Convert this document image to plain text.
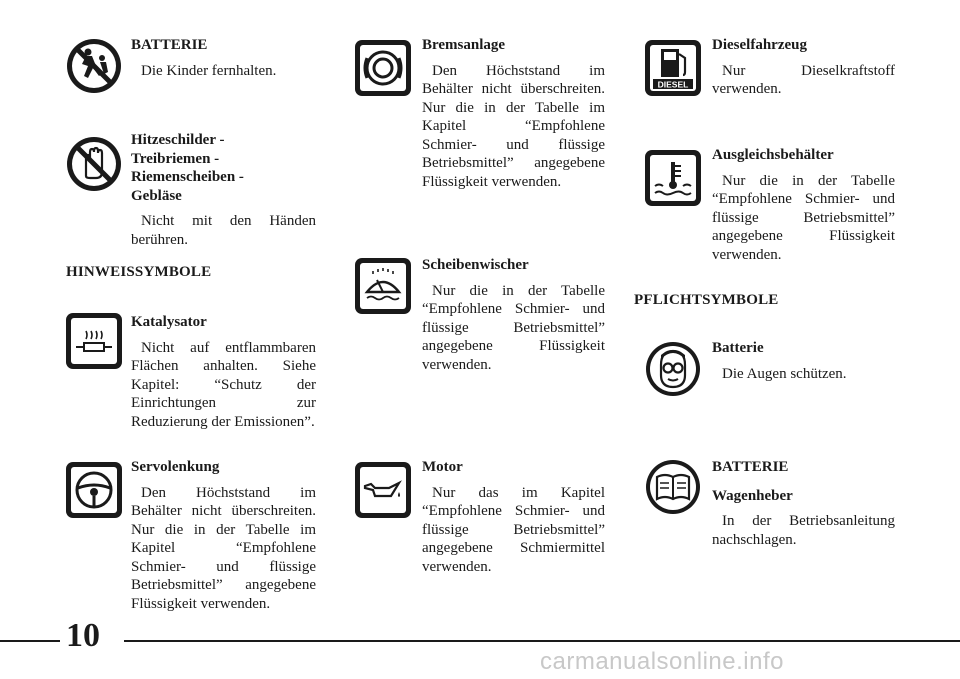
BATTERIE
Die Kinder fernhalten.
Hitzeschilder - Treibriemen - Riemenscheiben - Gebläse
Nicht mit den Händen berühren.
HINWEISSYMBOLE
Katalysator
Nicht auf entflammbaren Flächen anhalten. Siehe Kapitel: “Schutz der Einrichtungen zur Reduzierung der Emissionen”.
Servolenkung
Den Höchststand im Behälter nicht überschreiten. Nur die in der Tabelle im Kapitel “Empfohlene Schmier- und flüssige Betriebsmittel” angegebene Flüssigkeit verwenden.
Bremsanlage
Den Höchststand im Behälter nicht überschreiten. Nur die in der Tabelle im Kapitel “Empfohlene Schmier- und flüssige Betriebsmittel” angegebene Flüssigkeit verwenden.
Scheibenwischer
Nur die in der Tabelle “Empfohlene Schmier- und flüssige Betriebsmittel” angegebene Flüssigkeit verwenden.
Motor
Nur das im Kapitel “Empfohlene Schmier- und flüssige Betriebsmittel” angegebene Schmiermittel verwenden.
DIESEL
Dieselfahrzeug
Nur Dieselkraftstoff verwenden.
Ausgleichsbehälter
Nur die in der Tabelle “Empfohlene Schmier- und flüssige Betriebsmittel” angegebene Flüssigkeit verwenden.
PFLICHTSYMBOLE
Batterie
Die Augen schützen.
BATTERIE
Wagenheber
In der Betriebsanleitung nachschlagen.
10
carmanualsonline.info
